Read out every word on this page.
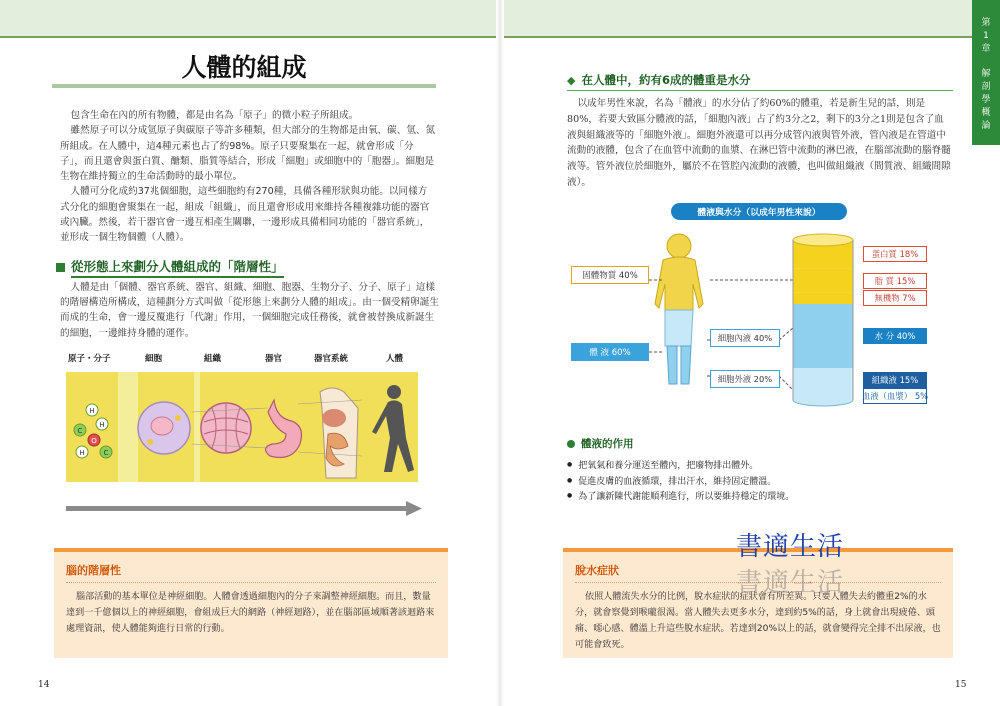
第
1
章
解
剖
學
概
論
人體的組成

包含生命在內的所有物體，都是由名為「原子」的微小粒子所組成。

雖然原子可以分成氫原子與碳原子等許多種類，但大部分的生物都是由氧、碳、氫、氮所組成。在人體中，這4種元素也占了約98%。原子只要聚集在一起，就會形成「分子」，而且還會與蛋白質、醣類、脂質等結合，形成「細胞」或細胞中的「胞器」。細胞是生物在維持獨立的生命活動時的最小單位。

人體可分化成約37兆個細胞，這些細胞約有270種，具備各種形狀與功能。以同樣方式分化的細胞會聚集在一起，組成「組織」，而且還會形成用來維持各種複雜功能的器官或內臟。然後，若干器官會一邊互相產生關聯，一邊形成具備相同功能的「器官系統」，並形成一個生物個體（人體）。

從形態上來劃分人體組成的「階層性」

人體是由「個體、器官系統、器官、組織、細胞、胞器、生物分子、分子、原子」這樣的階層構造所構成，這種劃分方式叫做「從形態上來劃分人體的組成」。由一個受精卵誕生而成的生命，會一邊反覆進行「代謝」作用，一個細胞完成任務後，就會被替換成新誕生的細胞，一邊維持身體的運作。

原子・分子	細胞	組織	器官	器官系統	人體
H
H
C
O
H	C
腦的階層性
腦部活動的基本單位是神經細胞。人體會透過細胞內的分子來調整神經細胞。而且，數量達到一千億個以上的神經細胞，會組成巨大的網路（神經迴路），並在腦部區域順著該迴路來處理資訊，使人體能夠進行日常的行動。
14
◆ 在人體中，約有6成的體重是水分

以成年男性來說，名為「體液」的水分佔了約60%的體重，若是新生兒的話，則是80%，若要大致區分體液的話，「細胞內液」占了約3分之2，剩下的3分之1則是包含了血液與組織液等的「細胞外液」。細胞外液還可以再分成管內液與管外液，管內液是在管道中流動的液體，包含了在血管中流動的血漿、在淋巴管中流動的淋巴液，在腦部流動的腦脊髓液等。管外液位於細胞外，屬於不在管腔內流動的液體，也叫做組織液（間質液、組織間隙液）。

體液與水分（以成年男性來說）
固體物質 40%
體 液 60%
細胞內液 40%
細胞外液 20%
蛋白質 18%
脂 質 15%
無機物 7%
水 分 40%
組織液 15%
血液（血漿） 5%
體液的作用
● 把氧氣和養分運送至體內，把廢物排出體外。
● 促進皮膚的血液循環，排出汗水，維持固定體溫。
● 為了讓新陳代謝能順利進行，所以要維持穩定的環境。
脫水症狀
依照人體流失水分的比例，脫水症狀的症狀會有所差異。只要人體失去約體重2%的水分，就會察覺到喉嚨很渴。當人體失去更多水分，達到約5%的話，身上就會出現疲倦、頭痛、噁心感、體溫上升這些脫水症狀。若達到20%以上的話，就會變得完全排不出尿液，也可能會致死。
書適生活
書適生活
15
